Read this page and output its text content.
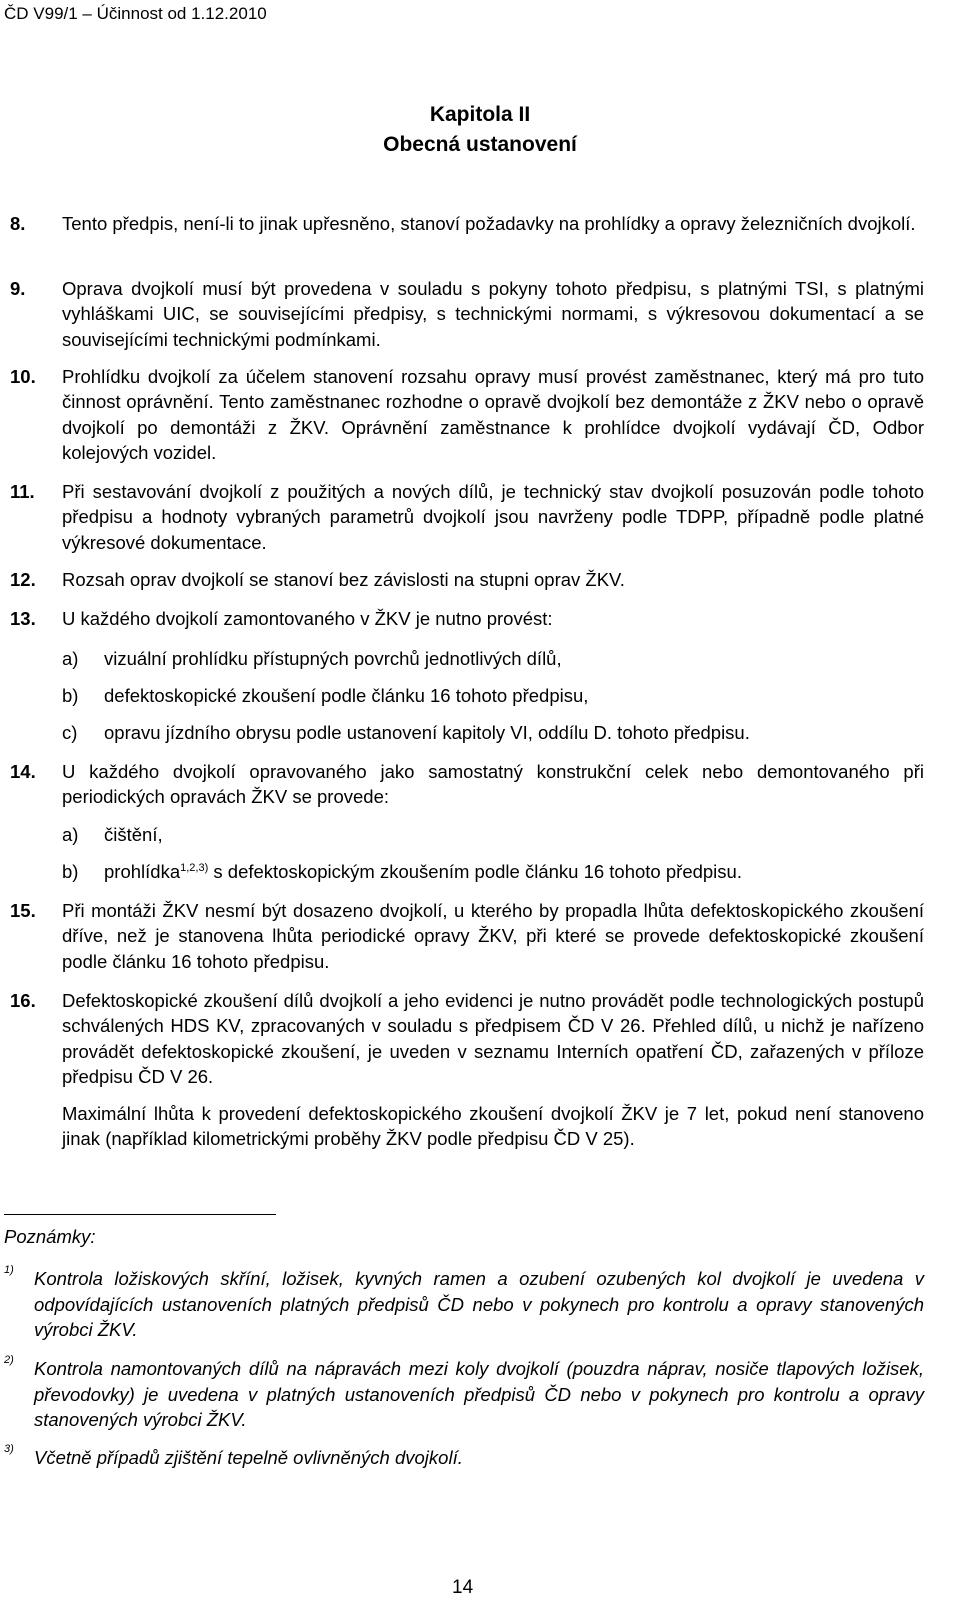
ČD V99/1 – Účinnost od 1.12.2010
Kapitola II
Obecná ustanovení
8. Tento předpis, není-li to jinak upřesněno, stanoví požadavky na prohlídky a opravy železničních dvojkolí.
9. Oprava dvojkolí musí být provedena v souladu s pokyny tohoto předpisu, s platnými TSI, s platnými vyhláškami UIC, se souvisejícími předpisy, s technickými normami, s výkresovou dokumentací a se souvisejícími technickými podmínkami.
10. Prohlídku dvojkolí za účelem stanovení rozsahu opravy musí provést zaměstnanec, který má pro tuto činnost oprávnění. Tento zaměstnanec rozhodne o opravě dvojkolí bez demontáže z ŽKV nebo o opravě dvojkolí po demontáži z ŽKV. Oprávnění zaměstnance k prohlídce dvojkolí vydávají ČD, Odbor kolejových vozidel.
11. Při sestavování dvojkolí z použitých a nových dílů, je technický stav dvojkolí posuzován podle tohoto předpisu a hodnoty vybraných parametrů dvojkolí jsou navrženy podle TDPP, případně podle platné výkresové dokumentace.
12. Rozsah oprav dvojkolí se stanoví bez závislosti na stupni oprav ŽKV.
13. U každého dvojkolí zamontovaného v ŽKV je nutno provést:
a) vizuální prohlídku přístupných povrchů jednotlivých dílů,
b) defektoskopické zkoušení podle článku 16 tohoto předpisu,
c) opravu jízdního obrysu podle ustanovení kapitoly VI, oddílu D. tohoto předpisu.
14. U každého dvojkolí opravovaného jako samostatný konstrukční celek nebo demontovaného při periodických opravách ŽKV se provede:
a) čištění,
b) prohlídka$^{1,2,3)}$ s defektoskopickým zkoušením podle článku 16 tohoto předpisu.
15. Při montáži ŽKV nesmí být dosazeno dvojkolí, u kterého by propadla lhůta defektoskopického zkoušení dříve, než je stanovena lhůta periodické opravy ŽKV, při které se provede defektoskopické zkoušení podle článku 16 tohoto předpisu.
16. Defektoskopické zkoušení dílů dvojkolí a jeho evidenci je nutno provádět podle technologických postupů schválených HDS KV, zpracovaných v souladu s předpisem ČD V 26. Přehled dílů, u nichž je nařízeno provádět defektoskopické zkoušení, je uveden v seznamu Interních opatření ČD, zařazených v příloze předpisu ČD V 26.
Maximální lhůta k provedení defektoskopického zkoušení dvojkolí ŽKV je 7 let, pokud není stanoveno jinak (například kilometrickými proběhy ŽKV podle předpisu ČD V 25).
Poznámky:
1) Kontrola ložiskových skříní, ložisek, kyvných ramen a ozubení ozubených kol dvojkolí je uvedena v odpovídajících ustanoveních platných předpisů ČD nebo v pokynech pro kontrolu a opravy stanovených výrobci ŽKV.
2) Kontrola namontovaných dílů na nápravách mezi koly dvojkolí (pouzdra náprav, nosiče tlapových ložisek, převodovky) je uvedena v platných ustanoveních předpisů ČD nebo v pokynech pro kontrolu a opravy stanovených výrobci ŽKV.
3) Včetně případů zjištění tepelně ovlivněných dvojkolí.
14
